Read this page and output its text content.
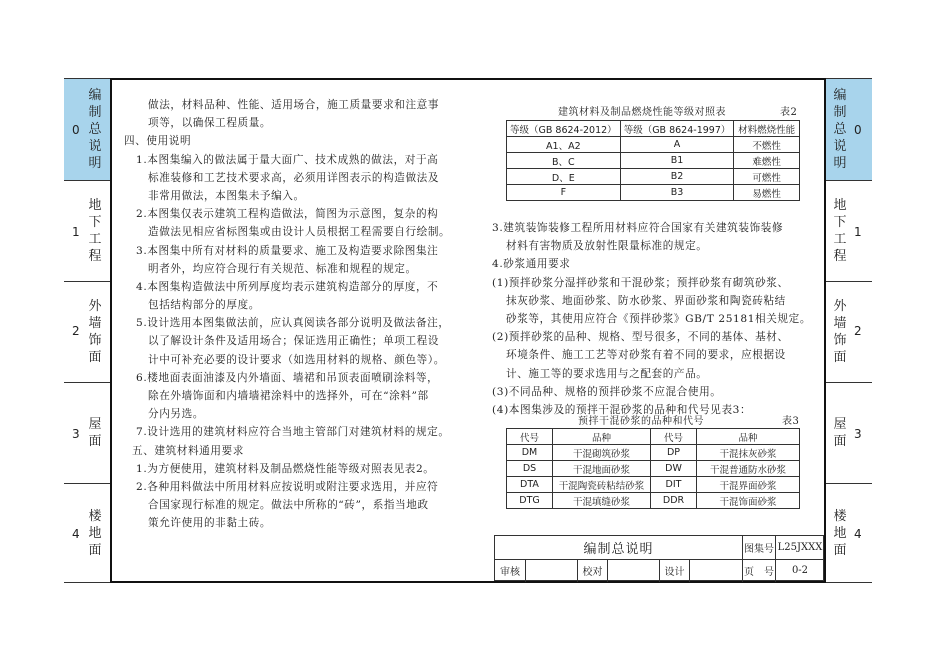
0
编
制
总
说
明
1
地
下
工
程
2
外
墙
饰
面
3
屋
面
4
楼
地
面
0
编
制
总
说
明
1
地
下
工
程
2
外
墙
饰
面
3
屋
面
4
楼
地
面
做法，材料品种、性能、适用场合，施工质量要求和注意事
项等，以确保工程质量。
四、使用说明
1.本图集编入的做法属于量大面广、技术成熟的做法，对于高
标准装修和工艺技术要求高，必须用详图表示的构造做法及
非常用做法，本图集未予编入。
2.本图集仅表示建筑工程构造做法，简图为示意图，复杂的构
造做法见相应省标图集或由设计人员根据工程需要自行绘制。
3.本图集中所有对材料的质量要求、施工及构造要求除图集注
明者外，均应符合现行有关规范、标准和规程的规定。
4.本图集构造做法中所列厚度均表示建筑构造部分的厚度，不
包括结构部分的厚度。
5.设计选用本图集做法前，应认真阅读各部分说明及做法备注，
以了解设计条件及适用场合；保证选用正确性；单项工程设
计中可补充必要的设计要求（如选用材料的规格、颜色等）。
6.楼地面表面油漆及内外墙面、墙裙和吊顶表面喷刷涂料等，
除在外墙饰面和内墙墙裙涂料中的选择外，可在“涂料”部
分内另选。
7.设计选用的建筑材料应符合当地主管部门对建筑材料的规定。
五、建筑材料通用要求
1.为方便使用，建筑材料及制品燃烧性能等级对照表见表2。
2.各种用料做法中所用材料应按说明或附注要求选用，并应符
合国家现行标准的规定。做法中所称的“砖”，系指当地政
策允许使用的非黏土砖。
建筑材料及制品燃烧性能等级对照表	表2
等级（GB 8624-2012）	等级（GB 8624-1997）	材料燃烧性能
A1、A2	A	不燃性
B、C	B1	难燃性
D、E	B2	可燃性
F	B3	易燃性
3.建筑装饰装修工程所用材料应符合国家有关建筑装饰装修
材料有害物质及放射性限量标准的规定。
4.砂浆通用要求
(1)预拌砂浆分湿拌砂浆和干混砂浆；预拌砂浆有砌筑砂浆、
抹灰砂浆、地面砂浆、防水砂浆、界面砂浆和陶瓷砖粘结
砂浆等，其使用应符合《预拌砂浆》GB/T 25181相关规定。
(2)预拌砂浆的品种、规格、型号很多，不同的基体、基材、
环境条件、施工工艺等对砂浆有着不同的要求，应根据设
计、施工等的要求选用与之配套的产品。
(3)不同品种、规格的预拌砂浆不应混合使用。
(4)本图集涉及的预拌干混砂浆的品种和代号见表3：
预拌干混砂浆的品种和代号	表3
代号	品种	代号	品种
DM	干混砌筑砂浆	DP	干混抹灰砂浆
DS	干混地面砂浆	DW	干混普通防水砂浆
DTA	干混陶瓷砖粘结砂浆	DIT	干混界面砂浆
DTG	干混填缝砂浆	DDR	干混饰面砂浆
编制总说明	图集号 L25JXXX
审核	校对	设计	页　号	0-2
